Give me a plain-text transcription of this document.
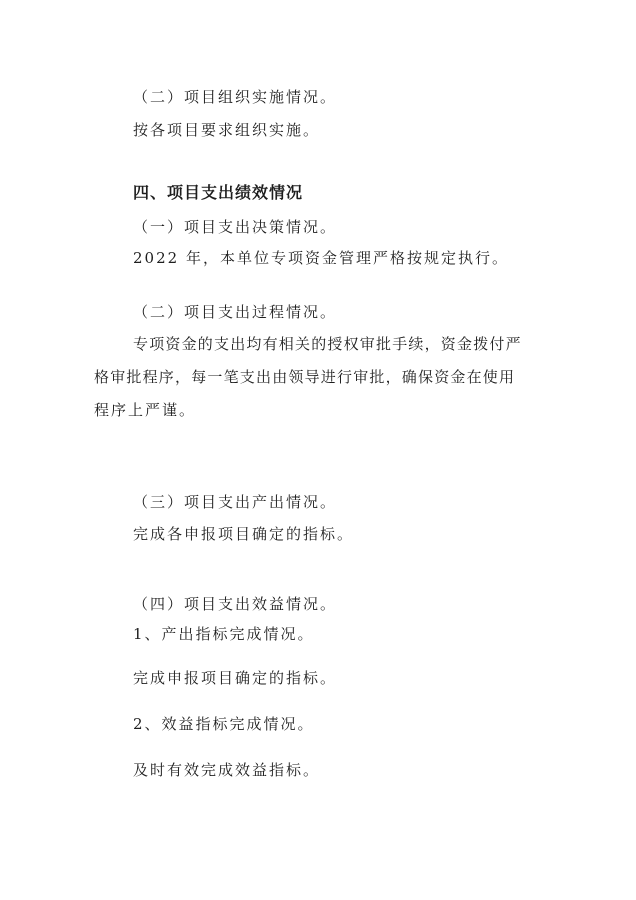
（二）项目组织实施情况。
按各项目要求组织实施。
四、项目支出绩效情况
（一）项目支出决策情况。
2022 年，本单位专项资金管理严格按规定执行。
（二）项目支出过程情况。
专项资金的支出均有相关的授权审批手续，资金拨付严
格审批程序，每一笔支出由领导进行审批，确保资金在使用
程序上严谨。
（三）项目支出产出情况。
完成各申报项目确定的指标。
（四）项目支出效益情况。
1、产出指标完成情况。
完成申报项目确定的指标。
2、效益指标完成情况。
及时有效完成效益指标。
